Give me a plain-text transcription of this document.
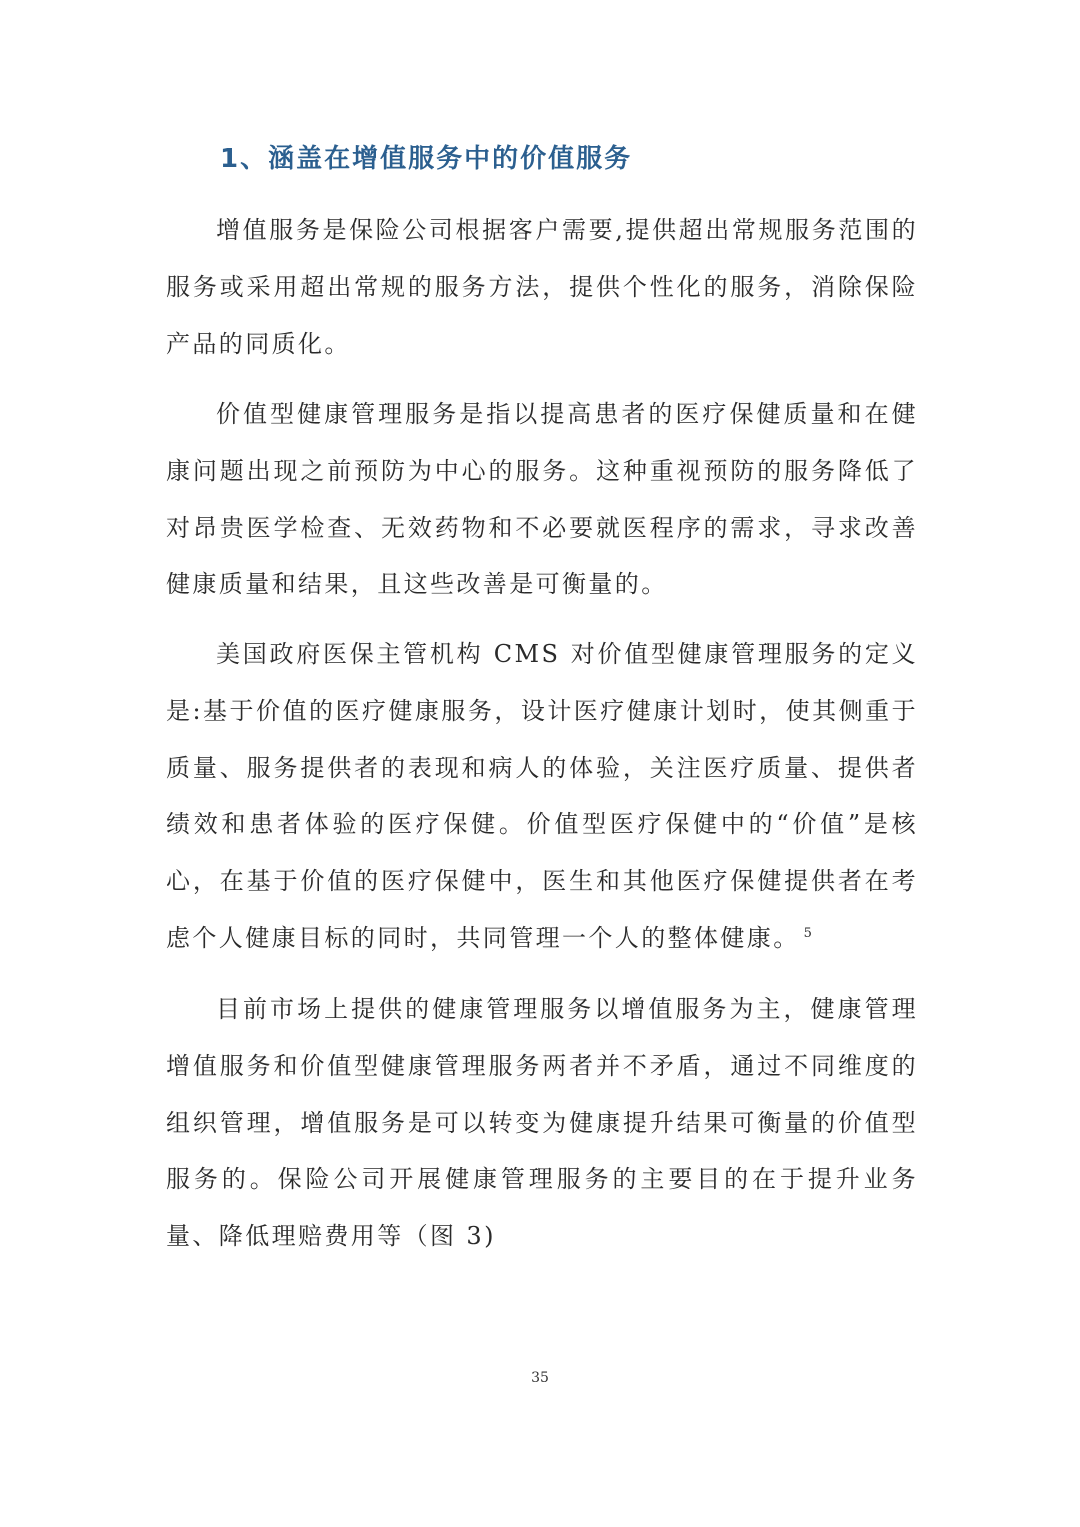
1、涵盖在增值服务中的价值服务

增值服务是保险公司根据客户需要,提供超出常规服务范围的服务或采用超出常规的服务方法，提供个性化的服务，消除保险产品的同质化。

价值型健康管理服务是指以提高患者的医疗保健质量和在健康问题出现之前预防为中心的服务。这种重视预防的服务降低了对昂贵医学检查、无效药物和不必要就医程序的需求，寻求改善健康质量和结果，且这些改善是可衡量的。

美国政府医保主管机构 CMS 对价值型健康管理服务的定义是:基于价值的医疗健康服务，设计医疗健康计划时，使其侧重于质量、服务提供者的表现和病人的体验，关注医疗质量、提供者绩效和患者体验的医疗保健。价值型医疗保健中的“价值”是核心，在基于价值的医疗保健中，医生和其他医疗保健提供者在考虑个人健康目标的同时，共同管理一个人的整体健康。 $^5$

目前市场上提供的健康管理服务以增值服务为主，健康管理增值服务和价值型健康管理服务两者并不矛盾，通过不同维度的组织管理，增值服务是可以转变为健康提升结果可衡量的价值型服务的。保险公司开展健康管理服务的主要目的在于提升业务量、降低理赔费用等（图 3)

35
